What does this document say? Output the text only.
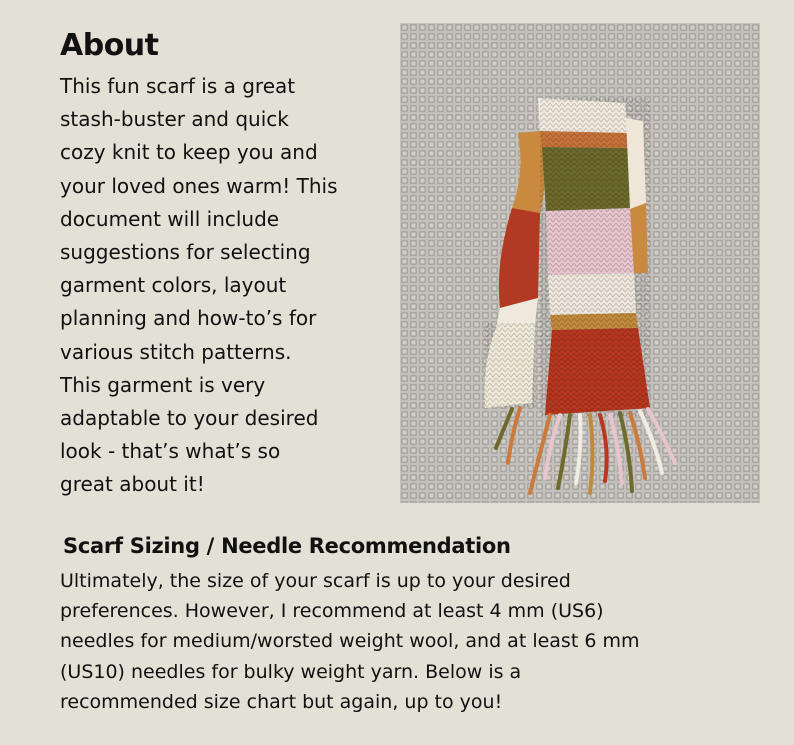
About
This fun scarf is a great
stash-buster and quick
cozy knit to keep you and
your loved ones warm! This
document will include
suggestions for selecting
garment colors, layout
planning and how-to’s for
various stitch patterns.
This garment is very
adaptable to your desired
look - that’s what’s so
great about it!
Scarf Sizing / Needle Recommendation
Ultimately, the size of your scarf is up to your desired
preferences. However, I recommend at least 4 mm (US6)
needles for medium/worsted weight wool, and at least 6 mm
(US10) needles for bulky weight yarn. Below is a
recommended size chart but again, up to you!
